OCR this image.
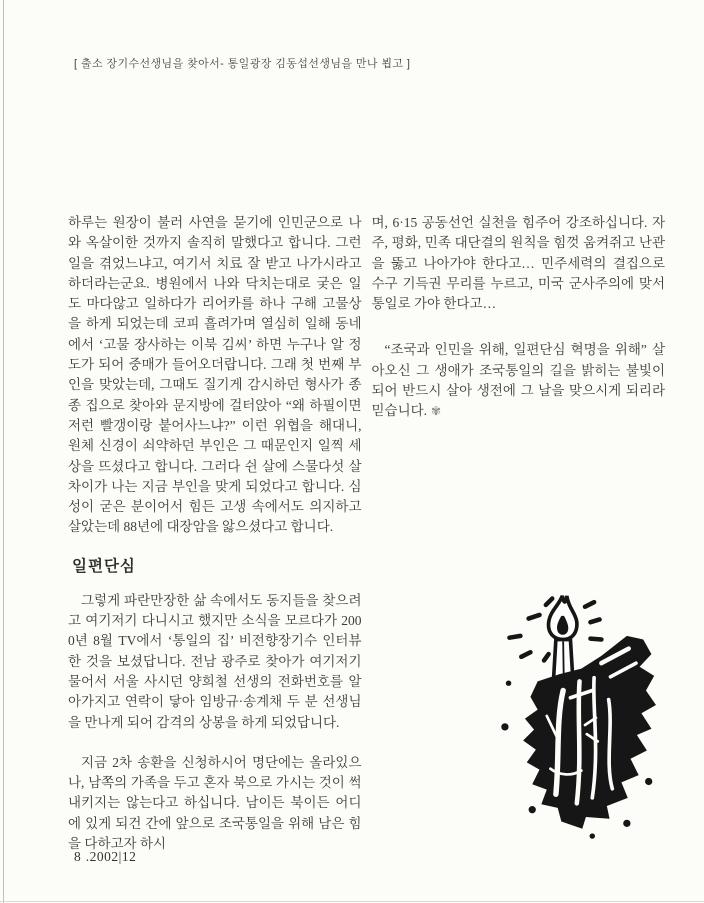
[ 출소 장기수선생님을 찾아서- 통일광장 김동섭선생님을 만나 뵙고 ]

하루는 원장이 불러 사연을 묻기에 인민군으로 나와 옥살이한 것까지 솔직히 말했다고 합니다. 그런 일을 겪었느냐고, 여기서 치료 잘 받고 나가시라고 하더라는군요. 병원에서 나와 닥치는대로 궂은 일도 마다않고 일하다가 리어카를 하나 구해 고물상을 하게 되었는데 코피 흘려가며 열심히 일해 동네에서 ‘고물 장사하는 이북 김씨’ 하면 누구나 알 정도가 되어 중매가 들어오더랍니다. 그래 첫 번째 부인을 맞았는데, 그때도 질기게 감시하던 형사가 종종 집으로 찾아와 문지방에 걸터앉아 “왜 하필이면 저런 빨갱이랑 붙어사느냐?” 이런 위협을 해대니, 원체 신경이 쇠약하던 부인은 그 때문인지 일찍 세상을 뜨셨다고 합니다. 그러다 쉰 살에 스물다섯 살 차이가 나는 지금 부인을 맞게 되었다고 합니다. 심성이 굳은 분이어서 힘든 고생 속에서도 의지하고 살았는데 88년에 대장암을 앓으셨다고 합니다.

일편단심

그렇게 파란만장한 삶 속에서도 동지들을 찾으려고 여기저기 다니시고 했지만 소식을 모르다가 2000년 8월 TV에서 ‘통일의 집’ 비전향장기수 인터뷰한 것을 보셨답니다. 전남 광주로 찾아가 여기저기 물어서 서울 사시던 양희철 선생의 전화번호를 알아가지고 연락이 닿아 임방규·송계채 두 분 선생님을 만나게 되어 감격의 상봉을 하게 되었답니다.

지금 2차 송환을 신청하시어 명단에는 올라있으나, 남쪽의 가족을 두고 혼자 북으로 가시는 것이 썩 내키지는 않는다고 하십니다. 남이든 북이든 어디에 있게 되건 간에 앞으로 조국통일을 위해 남은 힘을 다하고자 하시

며, 6·15 공동선언 실천을 힘주어 강조하십니다. 자주, 평화, 민족 대단결의 원칙을 힘껏 움켜쥐고 난관을 뚫고 나아가야 한다고… 민주세력의 결집으로 수구 기득권 무리를 누르고, 미국 군사주의에 맞서 통일로 가야 한다고…

“조국과 인민을 위해, 일편단심 혁명을 위해” 살아오신 그 생애가 조국통일의 길을 밝히는 불빛이 되어 반드시 살아 생전에 그 날을 맞으시게 되리라 믿습니다. ✾

8 .2002|12
